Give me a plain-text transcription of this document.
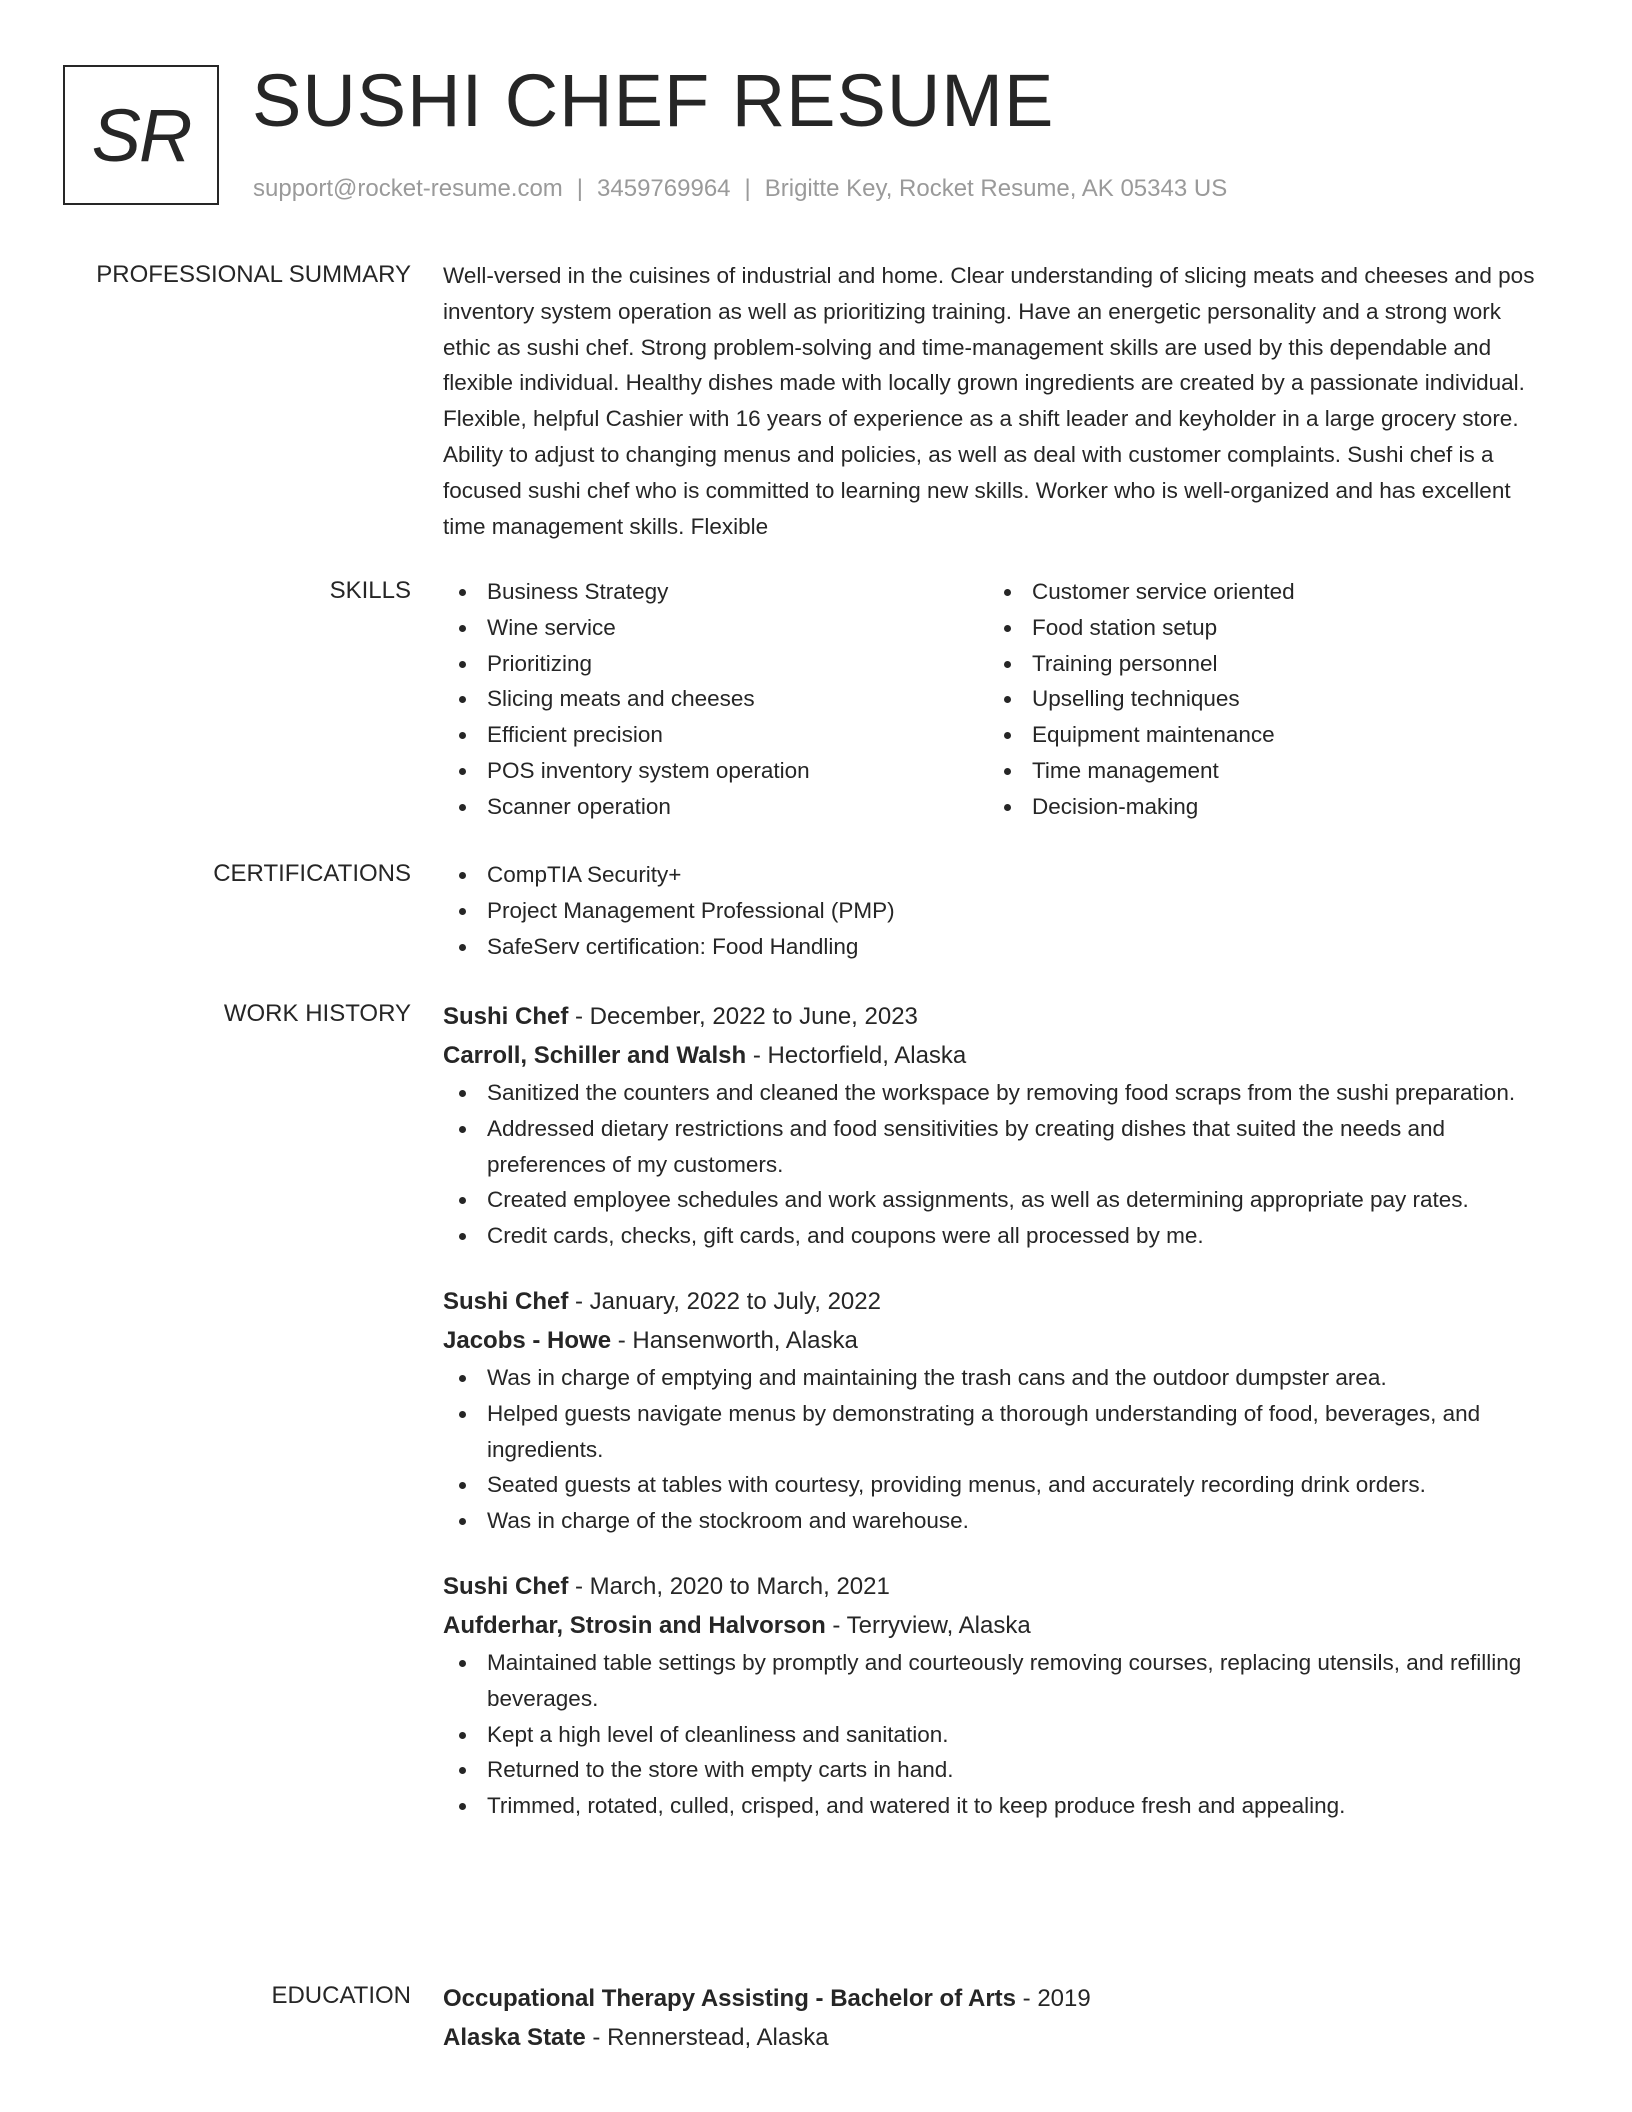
SR SUSHI CHEF RESUME
support@rocket-resume.com | 3459769964 | Brigitte Key, Rocket Resume, AK 05343 US
PROFESSIONAL SUMMARY Well-versed in the cuisines of industrial and home. Clear understanding of slicing meats and cheeses and pos inventory system operation as well as prioritizing training. Have an energetic personality and a strong work ethic as sushi chef. Strong problem-solving and time-management skills are used by this dependable and flexible individual. Healthy dishes made with locally grown ingredients are created by a passionate individual. Flexible, helpful Cashier with 16 years of experience as a shift leader and keyholder in a large grocery store. Ability to adjust to changing menus and policies, as well as deal with customer complaints. Sushi chef is a focused sushi chef who is committed to learning new skills. Worker who is well-organized and has excellent time management skills. Flexible

SKILLS	Business Strategy
Wine service
Prioritizing
Slicing meats and cheeses
Efficient precision
POS inventory system operation
Scanner operation
Customer service oriented
Food station setup
Training personnel
Upselling techniques
Equipment maintenance
Time management
Decision-making
CERTIFICATIONS	CompTIA Security+
Project Management Professional (PMP)
SafeServ certification: Food Handling
WORK HISTORY Sushi Chef - December, 2022 to June, 2023
Carroll, Schiller and Walsh - Hectorfield, Alaska
Sanitized the counters and cleaned the workspace by removing food scraps from the sushi preparation.
Addressed dietary restrictions and food sensitivities by creating dishes that suited the needs and preferences of my customers.
Created employee schedules and work assignments, as well as determining appropriate pay rates.
Credit cards, checks, gift cards, and coupons were all processed by me.
Sushi Chef - January, 2022 to July, 2022
Jacobs - Howe - Hansenworth, Alaska
Was in charge of emptying and maintaining the trash cans and the outdoor dumpster area.
Helped guests navigate menus by demonstrating a thorough understanding of food, beverages, and ingredients.
Seated guests at tables with courtesy, providing menus, and accurately recording drink orders.
Was in charge of the stockroom and warehouse.
Sushi Chef - March, 2020 to March, 2021
Aufderhar, Strosin and Halvorson - Terryview, Alaska
Maintained table settings by promptly and courteously removing courses, replacing utensils, and refilling beverages.
Kept a high level of cleanliness and sanitation.
Returned to the store with empty carts in hand.
Trimmed, rotated, culled, crisped, and watered it to keep produce fresh and appealing.
EDUCATION Occupational Therapy Assisting - Bachelor of Arts - 2019
Alaska State - Rennerstead, Alaska
